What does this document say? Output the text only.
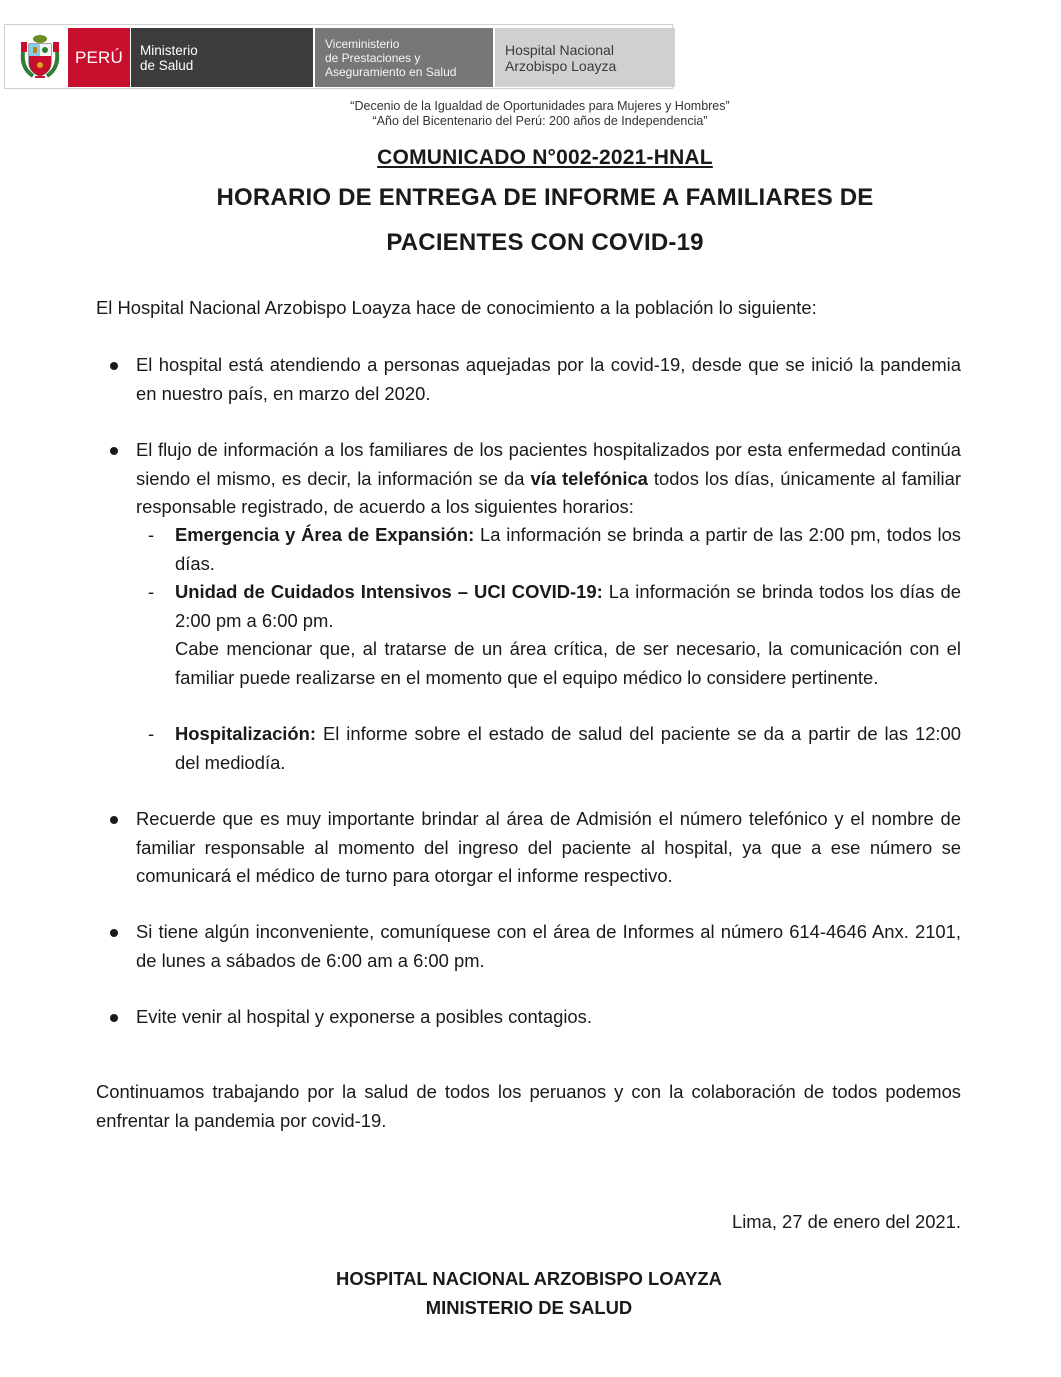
PERÚ	Ministerio
de Salud
Viceministerio
de Prestaciones y
Aseguramiento en Salud
Hospital Nacional
Arzobispo Loayza
“Decenio de la Igualdad de Oportunidades para Mujeres y Hombres”
“Año del Bicentenario del Perú: 200 años de Independencia”
COMUNICADO N°002-2021-HNAL
HORARIO DE ENTREGA DE INFORME A FAMILIARES DE
PACIENTES CON COVID-19
El Hospital Nacional Arzobispo Loayza hace de conocimiento a la población lo siguiente:
El hospital está atendiendo a personas aquejadas por la covid-19, desde que se inició la pandemia en nuestro país, en marzo del 2020.
El flujo de información a los familiares de los pacientes hospitalizados por esta enfermedad continúa siendo el mismo, es decir, la información se da vía telefónica todos los días, únicamente al familiar responsable registrado, de acuerdo a los siguientes horarios:
- Emergencia y Área de Expansión: La información se brinda a partir de las 2:00 pm, todos los días.
- Unidad de Cuidados Intensivos – UCI COVID-19: La información se brinda todos los días de 2:00 pm a 6:00 pm.
Cabe mencionar que, al tratarse de un área crítica, de ser necesario, la comunicación con el familiar puede realizarse en el momento que el equipo médico lo considere pertinente.
- Hospitalización: El informe sobre el estado de salud del paciente se da a partir de las 12:00 del mediodía.
Recuerde que es muy importante brindar al área de Admisión el número telefónico y el nombre de familiar responsable al momento del ingreso del paciente al hospital, ya que a ese número se comunicará el médico de turno para otorgar el informe respectivo.
Si tiene algún inconveniente, comuníquese con el área de Informes al número 614-4646 Anx. 2101, de lunes a sábados de 6:00 am a 6:00 pm.
Evite venir al hospital y exponerse a posibles contagios.
Continuamos trabajando por la salud de todos los peruanos y con la colaboración de todos podemos enfrentar la pandemia por covid-19.
Lima, 27 de enero del 2021.
HOSPITAL NACIONAL ARZOBISPO LOAYZA
MINISTERIO DE SALUD
